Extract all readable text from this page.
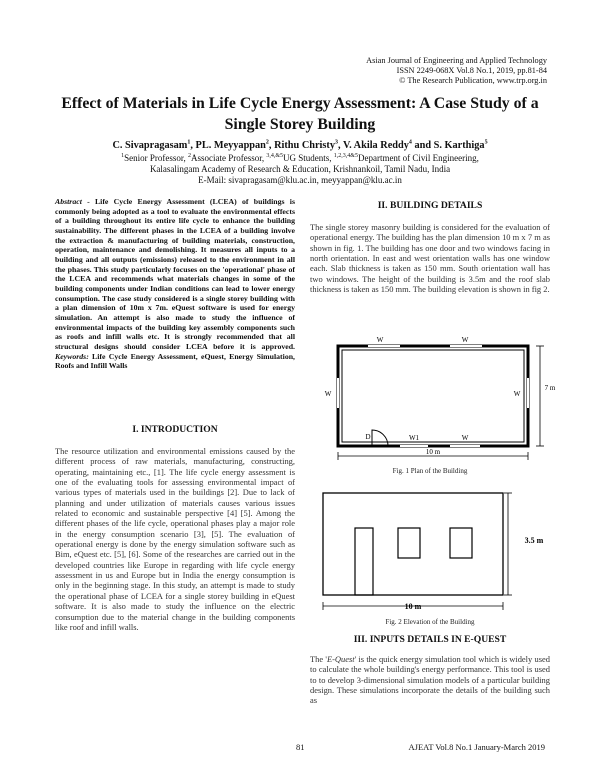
Asian Journal of Engineering and Applied Technology
ISSN 2249-068X Vol.8 No.1, 2019, pp.81-84
© The Research Publication, www.trp.org.in
Effect of Materials in Life Cycle Energy Assessment: A Case Study of a Single Storey Building
C. Sivapragasam$^1$, PL. Meyyappan$^2$, Rithu Christy$^3$, V. Akila Reddy$^4$ and S. Karthiga$^5$
$^1$Senior Professor, $^2$Associate Professor, $^{3,4,\&5}$UG Students, $^{1,2,3,4\&5}$Department of Civil Engineering,
Kalasalingam Academy of Research & Education, Krishnankoil, Tamil Nadu, India
E-Mail: sivapragasam@klu.ac.in, meyyappan@klu.ac.in
Abstract - Life Cycle Energy Assessment (LCEA) of buildings is commonly being adopted as a tool to evaluate the environmental effects of a building throughout its entire life cycle to enhance the building sustainability. The different phases in the LCEA of a building involve the extraction & manufacturing of building materials, construction, operation, maintenance and demolishing. It measures all inputs to a building and all outputs (emissions) released to the environment in all the phases. This study particularly focuses on the 'operational' phase of the LCEA and recommends what materials changes in some of the building components under Indian conditions can lead to lower energy consumption. The case study considered is a single storey building with a plan dimension of 10m x 7m. eQuest software is used for energy simulation. An attempt is also made to study the influence of environmental impacts of the building key assembly components such as roofs and infill walls etc. It is strongly recommended that all structural designs should consider LCEA before it is approved. Keywords: Life Cycle Energy Assessment, eQuest, Energy Simulation, Roofs and Infill Walls
I. INTRODUCTION
The resource utilization and environmental emissions caused by the different process of raw materials, manufacturing, constructing, operating, maintaining etc., [1]. The life cycle energy assessment is one of the evaluating tools for assessing environmental impact of various types of materials used in the buildings [2]. Due to lack of planning and under utilization of materials causes various issues related to economic and sustainable perspective [4] [5]. Among the different phases of the life cycle, operational phases play a major role in the energy consumption scenario [3], [5]. The evaluation of operational energy is done by the energy simulation software such as Bim, eQuest etc. [5], [6]. Some of the researches are carried out in the developed countries like Europe in regarding with life cycle energy assessment in us and Europe but in India the energy consumption is only in the beginning stage. In this study, an attempt is made to study the operational phase of LCEA for a single storey building in eQuest software. It is also made to study the influence on the electric consumption due to the material change in the building components like roof and infill walls.
II. BUILDING DETAILS
The single storey masonry building is considered for the evaluation of operational energy. The building has the plan dimension 10 m x 7 m as shown in fig. 1. The building has one door and two windows facing in north orientation. In east and west orientation walls has one window each. Slab thickness is taken as 150 mm. South orientation wall has two windows. The height of the building is 3.5m and the roof slab thickness is taken as 150 mm. The building elevation is shown in fig 2.
W	W
W	W
W1	W
D
10 m
7 m
Fig. 1 Plan of the Building
3.5 m
10 m
Fig. 2 Elevation of the Building
III. INPUTS DETAILS IN E-QUEST
The 'E-Quest' is the quick energy simulation tool which is widely used to calculate the whole building's energy performance. This tool is used to to develop 3-dimensional simulation models of a particular building design. These simulations incorporate the details of the building such as
81	AJEAT Vol.8 No.1 January-March 2019
